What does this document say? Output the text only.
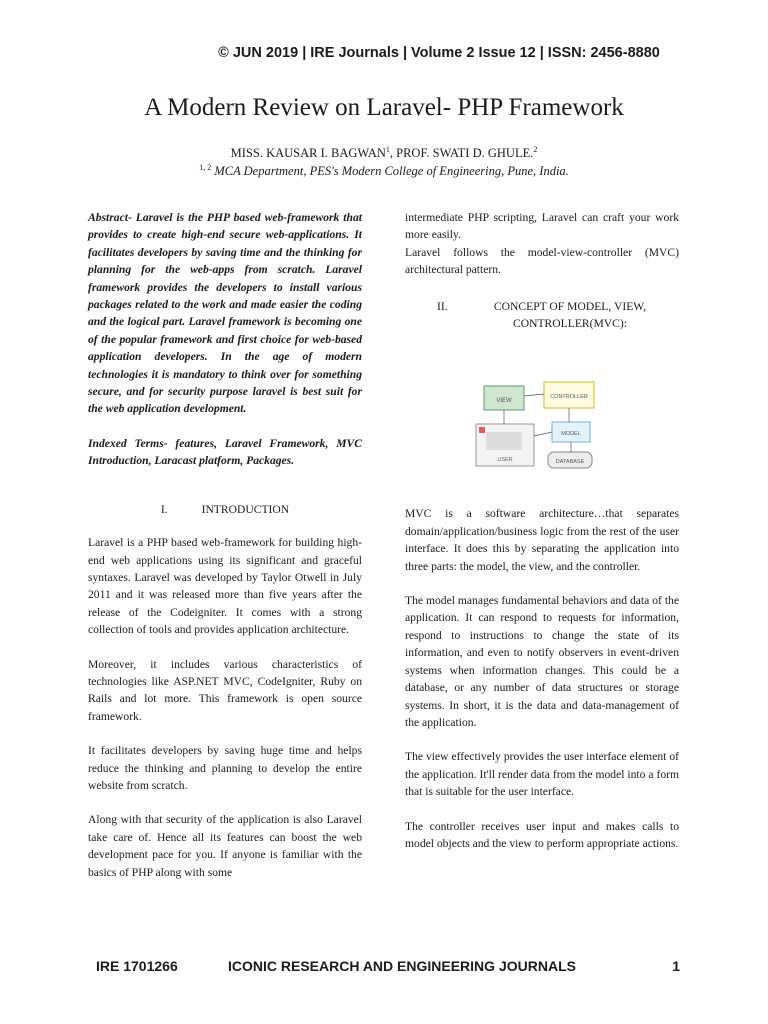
© JUN 2019 | IRE Journals | Volume 2 Issue 12 | ISSN: 2456-8880
A Modern Review on Laravel- PHP Framework
MISS. KAUSAR I. BAGWAN$^1$, PROF. SWATI D. GHULE.$^2$
$^{1, 2}$ MCA Department, PES's Modern College of Engineering, Pune, India.

Abstract- Laravel is the PHP based web-framework that provides to create high-end secure web-applications. It facilitates developers by saving time and the thinking for planning for the web-apps from scratch. Laravel framework provides the developers to install various packages related to the work and made easier the coding and the logical part. Laravel framework is becoming one of the popular framework and first choice for web-based application developers. In the age of modern technologies it is mandatory to think over for something secure, and for security purpose laravel is best suit for the web application development.

Indexed Terms- features, Laravel Framework, MVC Introduction, Laracast platform, Packages.

I.	INTRODUCTION

Laravel is a PHP based web-framework for building high-end web applications using its significant and graceful syntaxes. Laravel was developed by Taylor Otwell in July 2011 and it was released more than five years after the release of the Codeigniter. It comes with a strong collection of tools and provides application architecture.

Moreover, it includes various characteristics of technologies like ASP.NET MVC, CodeIgniter, Ruby on Rails and lot more. This framework is open source framework.

It facilitates developers by saving huge time and helps reduce the thinking and planning to develop the entire website from scratch.

Along with that security of the application is also Laravel take care of. Hence all its features can boost the web development pace for you. If anyone is familiar with the basics of PHP along with some

intermediate PHP scripting, Laravel can craft your work more easily.

Laravel follows the model-view-controller (MVC) architectural pattern.

II.	CONCEPT OF MODEL, VIEW, CONTROLLER(MVC):
VIEW
CONTROLLER
MODEL
USER	DATABASE

MVC is a software architecture…that separates domain/application/business logic from the rest of the user interface. It does this by separating the application into three parts: the model, the view, and the controller.

The model manages fundamental behaviors and data of the application. It can respond to requests for information, respond to instructions to change the state of its information, and even to notify observers in event-driven systems when information changes. This could be a database, or any number of data structures or storage systems. In short, it is the data and data-management of the application.

The view effectively provides the user interface element of the application. It'll render data from the model into a form that is suitable for the user interface.

The controller receives user input and makes calls to model objects and the view to perform appropriate actions.

IRE 1701266	ICONIC RESEARCH AND ENGINEERING JOURNALS	1
